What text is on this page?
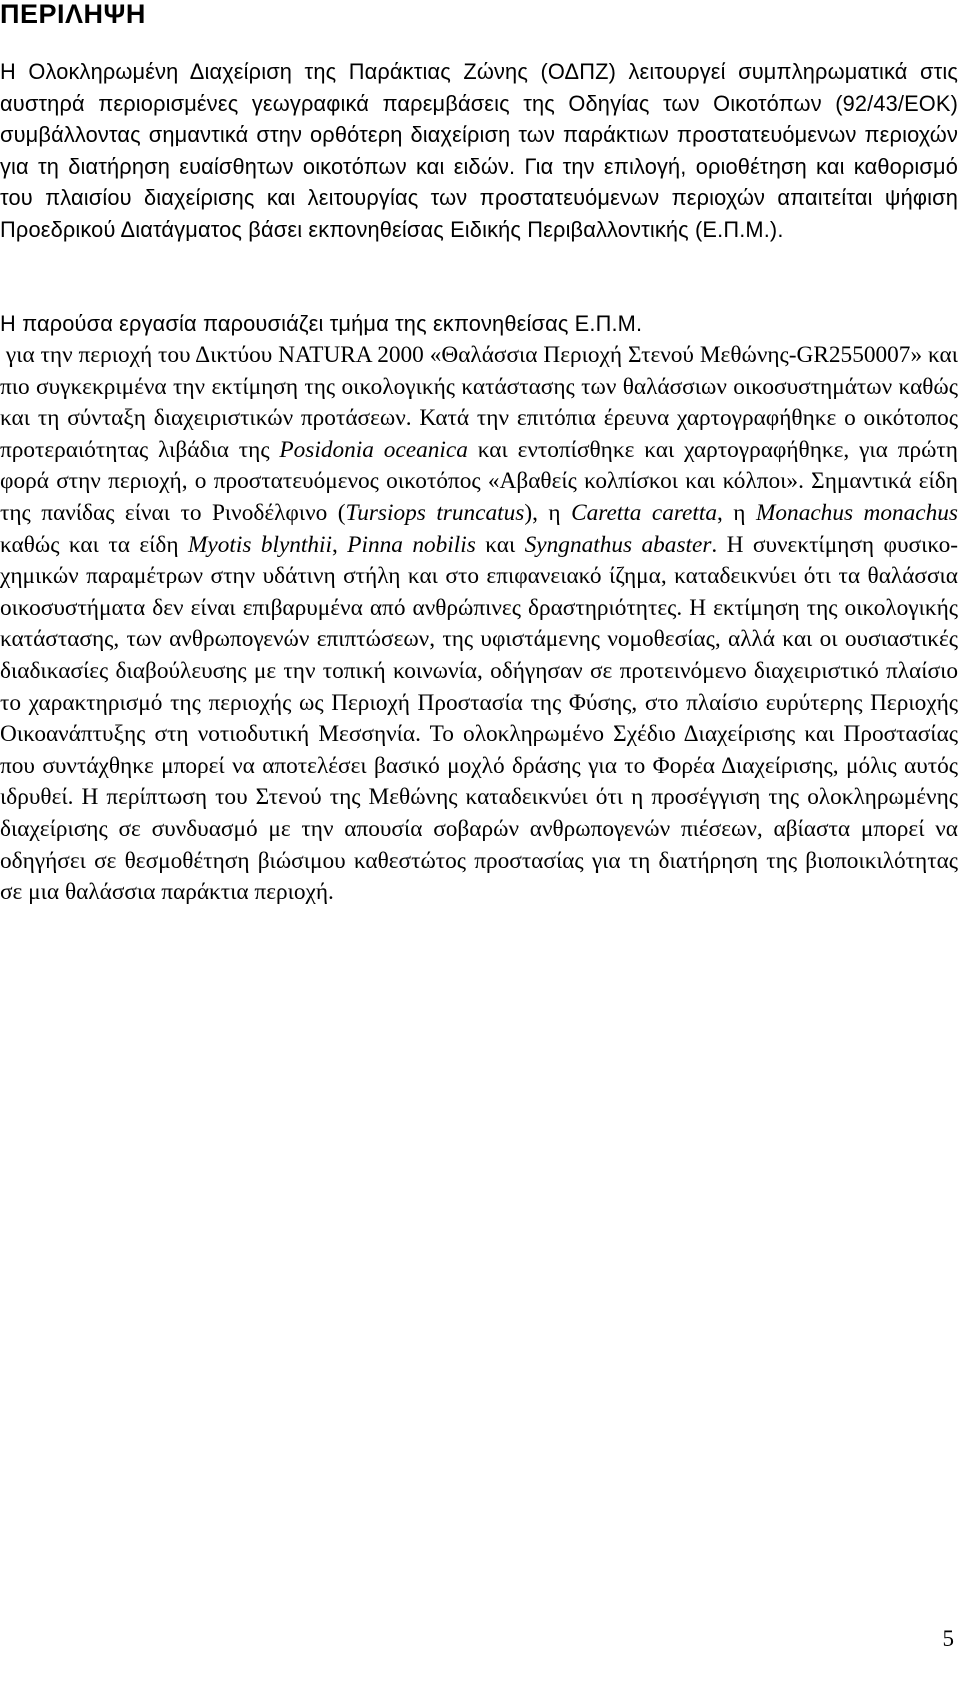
ΠΕΡΙΛΗΨΗ

Η Ολοκληρωμένη Διαχείριση της Παράκτιας Ζώνης (ΟΔΠΖ) λειτουργεί συμπληρωματικά στις αυστηρά περιορισμένες γεωγραφικά παρεμβάσεις της Οδηγίας των Οικοτόπων (92/43/ΕΟΚ) συμβάλλοντας σημαντικά στην ορθότερη διαχείριση των παράκτιων προστατευόμενων περιοχών για τη διατήρηση ευαίσθητων οικοτόπων και ειδών. Για την επιλογή, οριοθέτηση και καθορισμό του πλαισίου διαχείρισης και λειτουργίας των προστατευόμενων περιοχών απαιτείται ψήφιση Προεδρικού Διατάγματος βάσει εκπονηθείσας Ειδικής Περιβαλλοντικής (Ε.Π.Μ.).

Η παρούσα εργασία παρουσιάζει τμήμα της εκπονηθείσας Ε.Π.Μ.

για την περιοχή του Δικτύου NATURA 2000 «Θαλάσσια Περιοχή Στενού Μεθώνης-GR2550007» και πιο συγκεκριμένα την εκτίμηση της οικολογικής κατάστασης των θαλάσσιων οικοσυστημάτων καθώς και τη σύνταξη διαχειριστικών προτάσεων. Κατά την επιτόπια έρευνα χαρτογραφήθηκε ο οικότοπος προτεραιότητας λιβάδια της Posidonia oceanica και εντοπίσθηκε και χαρτογραφήθηκε, για πρώτη φορά στην περιοχή, ο προστατευόμενος οικοτόπος «Αβαθείς κολπίσκοι και κόλποι». Σημαντικά είδη της πανίδας είναι το Ρινοδέλφινο (Tursiops truncatus), η Caretta caretta, η Monachus monachus καθώς και τα είδη Myotis blynthii, Pinna nobilis και Syngnathus abaster. Η συνεκτίμηση φυσικο-χημικών παραμέτρων στην υδάτινη στήλη και στο επιφανειακό ίζημα, καταδεικνύει ότι τα θαλάσσια οικοσυστήματα δεν είναι επιβαρυμένα από ανθρώπινες δραστηριότητες. Η εκτίμηση της οικολογικής κατάστασης, των ανθρωπογενών επιπτώσεων, της υφιστάμενης νομοθεσίας, αλλά και οι ουσιαστικές διαδικασίες διαβούλευσης με την τοπική κοινωνία, οδήγησαν σε προτεινόμενο διαχειριστικό πλαίσιο το χαρακτηρισμό της περιοχής ως Περιοχή Προστασία της Φύσης, στο πλαίσιο ευρύτερης Περιοχής Οικοανάπτυξης στη νοτιοδυτική Μεσσηνία. Το ολοκληρωμένο Σχέδιο Διαχείρισης και Προστασίας που συντάχθηκε μπορεί να αποτελέσει βασικό μοχλό δράσης για το Φορέα Διαχείρισης, μόλις αυτός ιδρυθεί. Η περίπτωση του Στενού της Μεθώνης καταδεικνύει ότι η προσέγγιση της ολοκληρωμένης διαχείρισης σε συνδυασμό με την απουσία σοβαρών ανθρωπογενών πιέσεων, αβίαστα μπορεί να οδηγήσει σε θεσμοθέτηση βιώσιμου καθεστώτος προστασίας για τη διατήρηση της βιοποικιλότητας σε μια θαλάσσια παράκτια περιοχή.

5
